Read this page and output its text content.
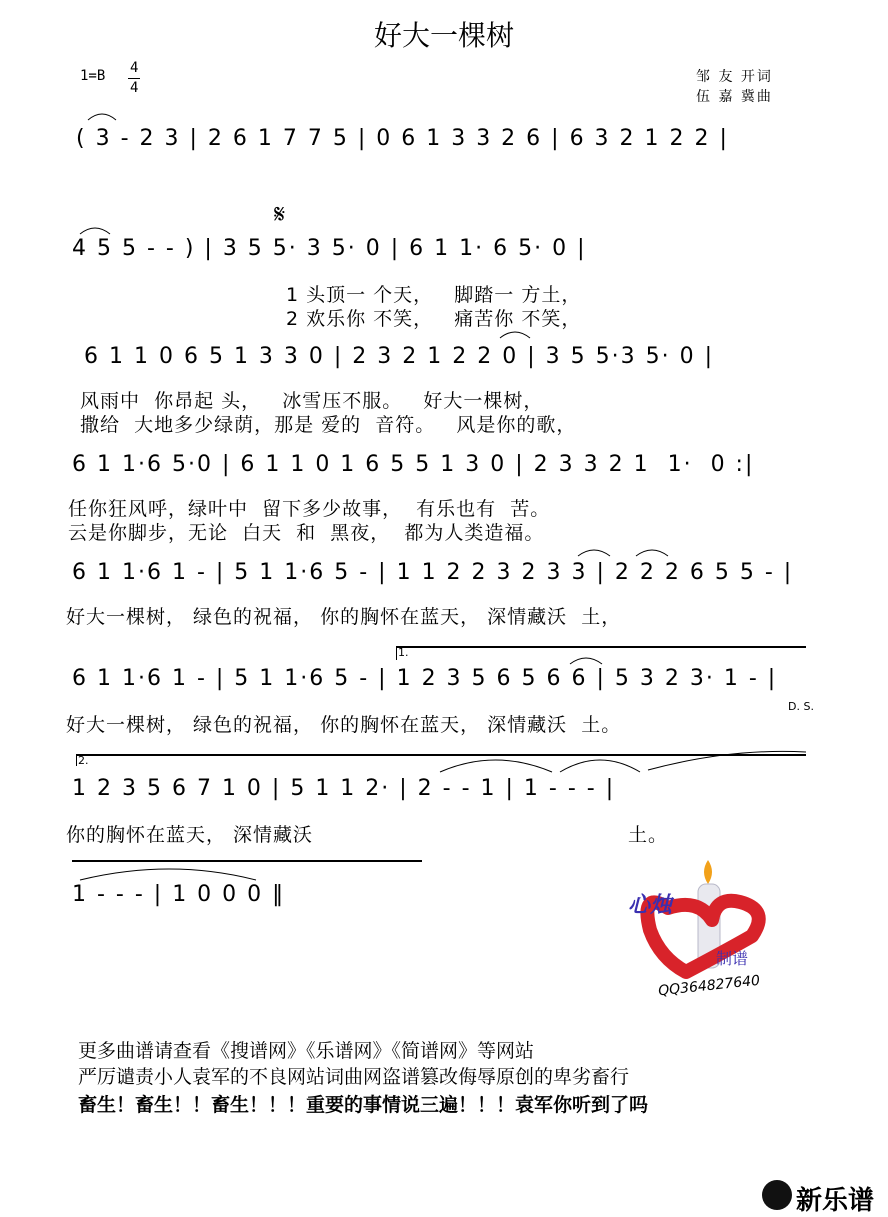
好大一棵树
1=B 4
4
邹 友 开词
伍 嘉 冀曲
( 3 - 2 3 | 2 6 1 7 7 5 | 0 6 1 3 3 2 6 | 6 3 2 1 2 2 |
𝄋
4 5 5 - - ) | 3 5 5· 3 5· 0 | 6 1 1· 6 5· 0 |
1 头顶一 个天，   脚踏一 方土，
2 欢乐你 不笑，   痛苦你 不笑，
6 1 1 0 6 5 1 3 3 0 | 2 3 2 1 2 2 0 | 3 5 5·3 5· 0 |
风雨中  你昂起 头，   冰雪压不服。   好大一棵树，
撒给  大地多少绿荫，那是 爱的  音符。   风是你的歌，
6 1 1·6 5·0 | 6 1 1 0 1 6 5 5 1 3 0 | 2 3 3 2 1  1·  0 :|
任你狂风呼，绿叶中  留下多少故事，  有乐也有  苦。
云是你脚步，无论  白天  和  黑夜，  都为人类造福。
6 1 1·6 1 - | 5 1 1·6 5 - | 1 1 2 2 3 2 3 3 | 2 2 2 6 5 5 - |
好大一棵树， 绿色的祝福， 你的胸怀在蓝天， 深情藏沃  土，
1.
6 1 1·6 1 - | 5 1 1·6 5 - | 1 2 3 5 6 5 6 6 | 5 3 2 3· 1 - |
好大一棵树， 绿色的祝福， 你的胸怀在蓝天， 深情藏沃  土。
D. S.
2.
1 2 3 5 6 7 1 0 | 5 1 1 2· | 2 - - 1 | 1 - - - |
你的胸怀在蓝天， 深情藏沃	土。
1 - - - | 1 0 0 0 ‖	心烛
制谱
QQ364827640
更多曲谱请查看《搜谱网》《乐谱网》《简谱网》等网站
严厉谴责小人袁军的不良网站词曲网盗谱篡改侮辱原创的卑劣畜行
畜生！畜生！！畜生！！！重要的事情说三遍！！！袁军你听到了吗
新乐谱
